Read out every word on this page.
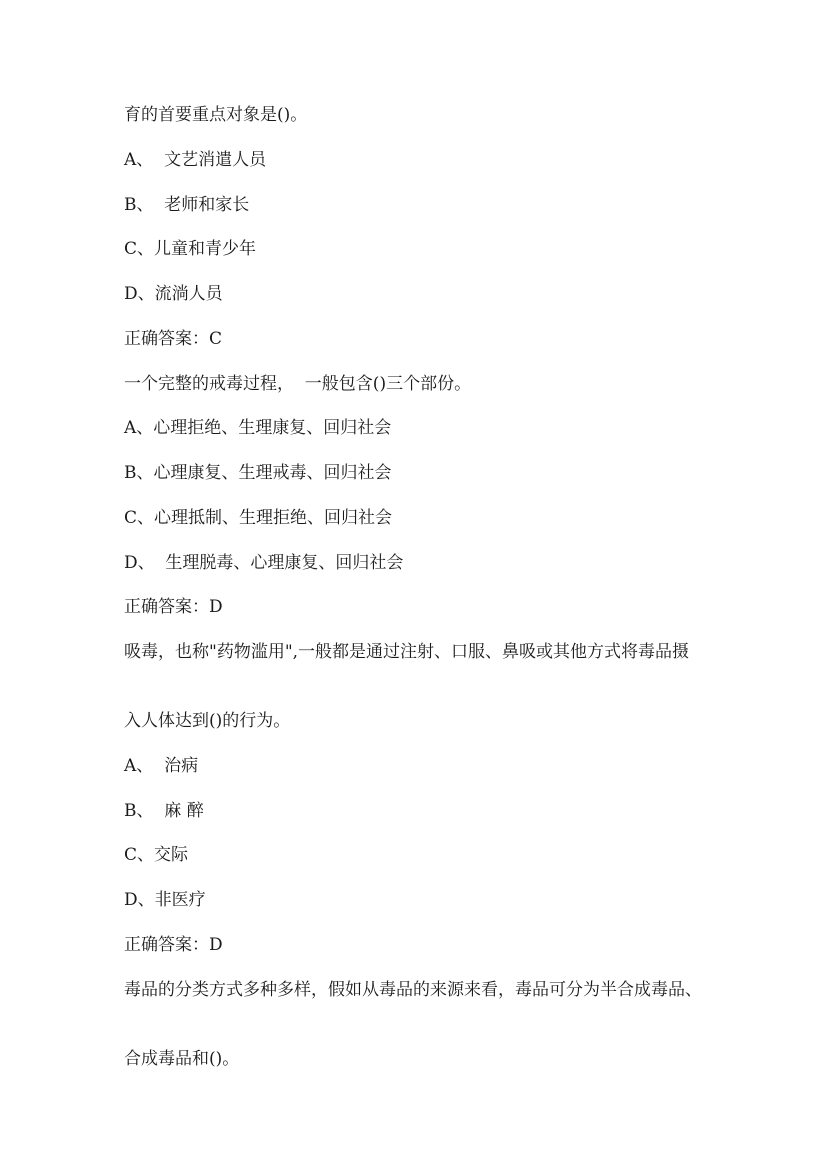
育的首要重点对象是()。
A、  文艺消遣人员
B、  老师和家长
C、儿童和青少年
D、流淌人员
正确答案：C
一个完整的戒毒过程，  一般包含()三个部份。
A、心理拒绝、生理康复、回归社会
B、心理康复、生理戒毒、回归社会
C、心理抵制、生理拒绝、回归社会
D、  生理脱毒、心理康复、回归社会
正确答案：D
吸毒，也称"药物滥用",一般都是通过注射、口服、鼻吸或其他方式将毒品摄
入人体达到()的行为。
A、  治病
B、  麻 醉
C、交际
D、非医疗
正确答案：D
毒品的分类方式多种多样，假如从毒品的来源来看，毒品可分为半合成毒品、
合成毒品和()。
